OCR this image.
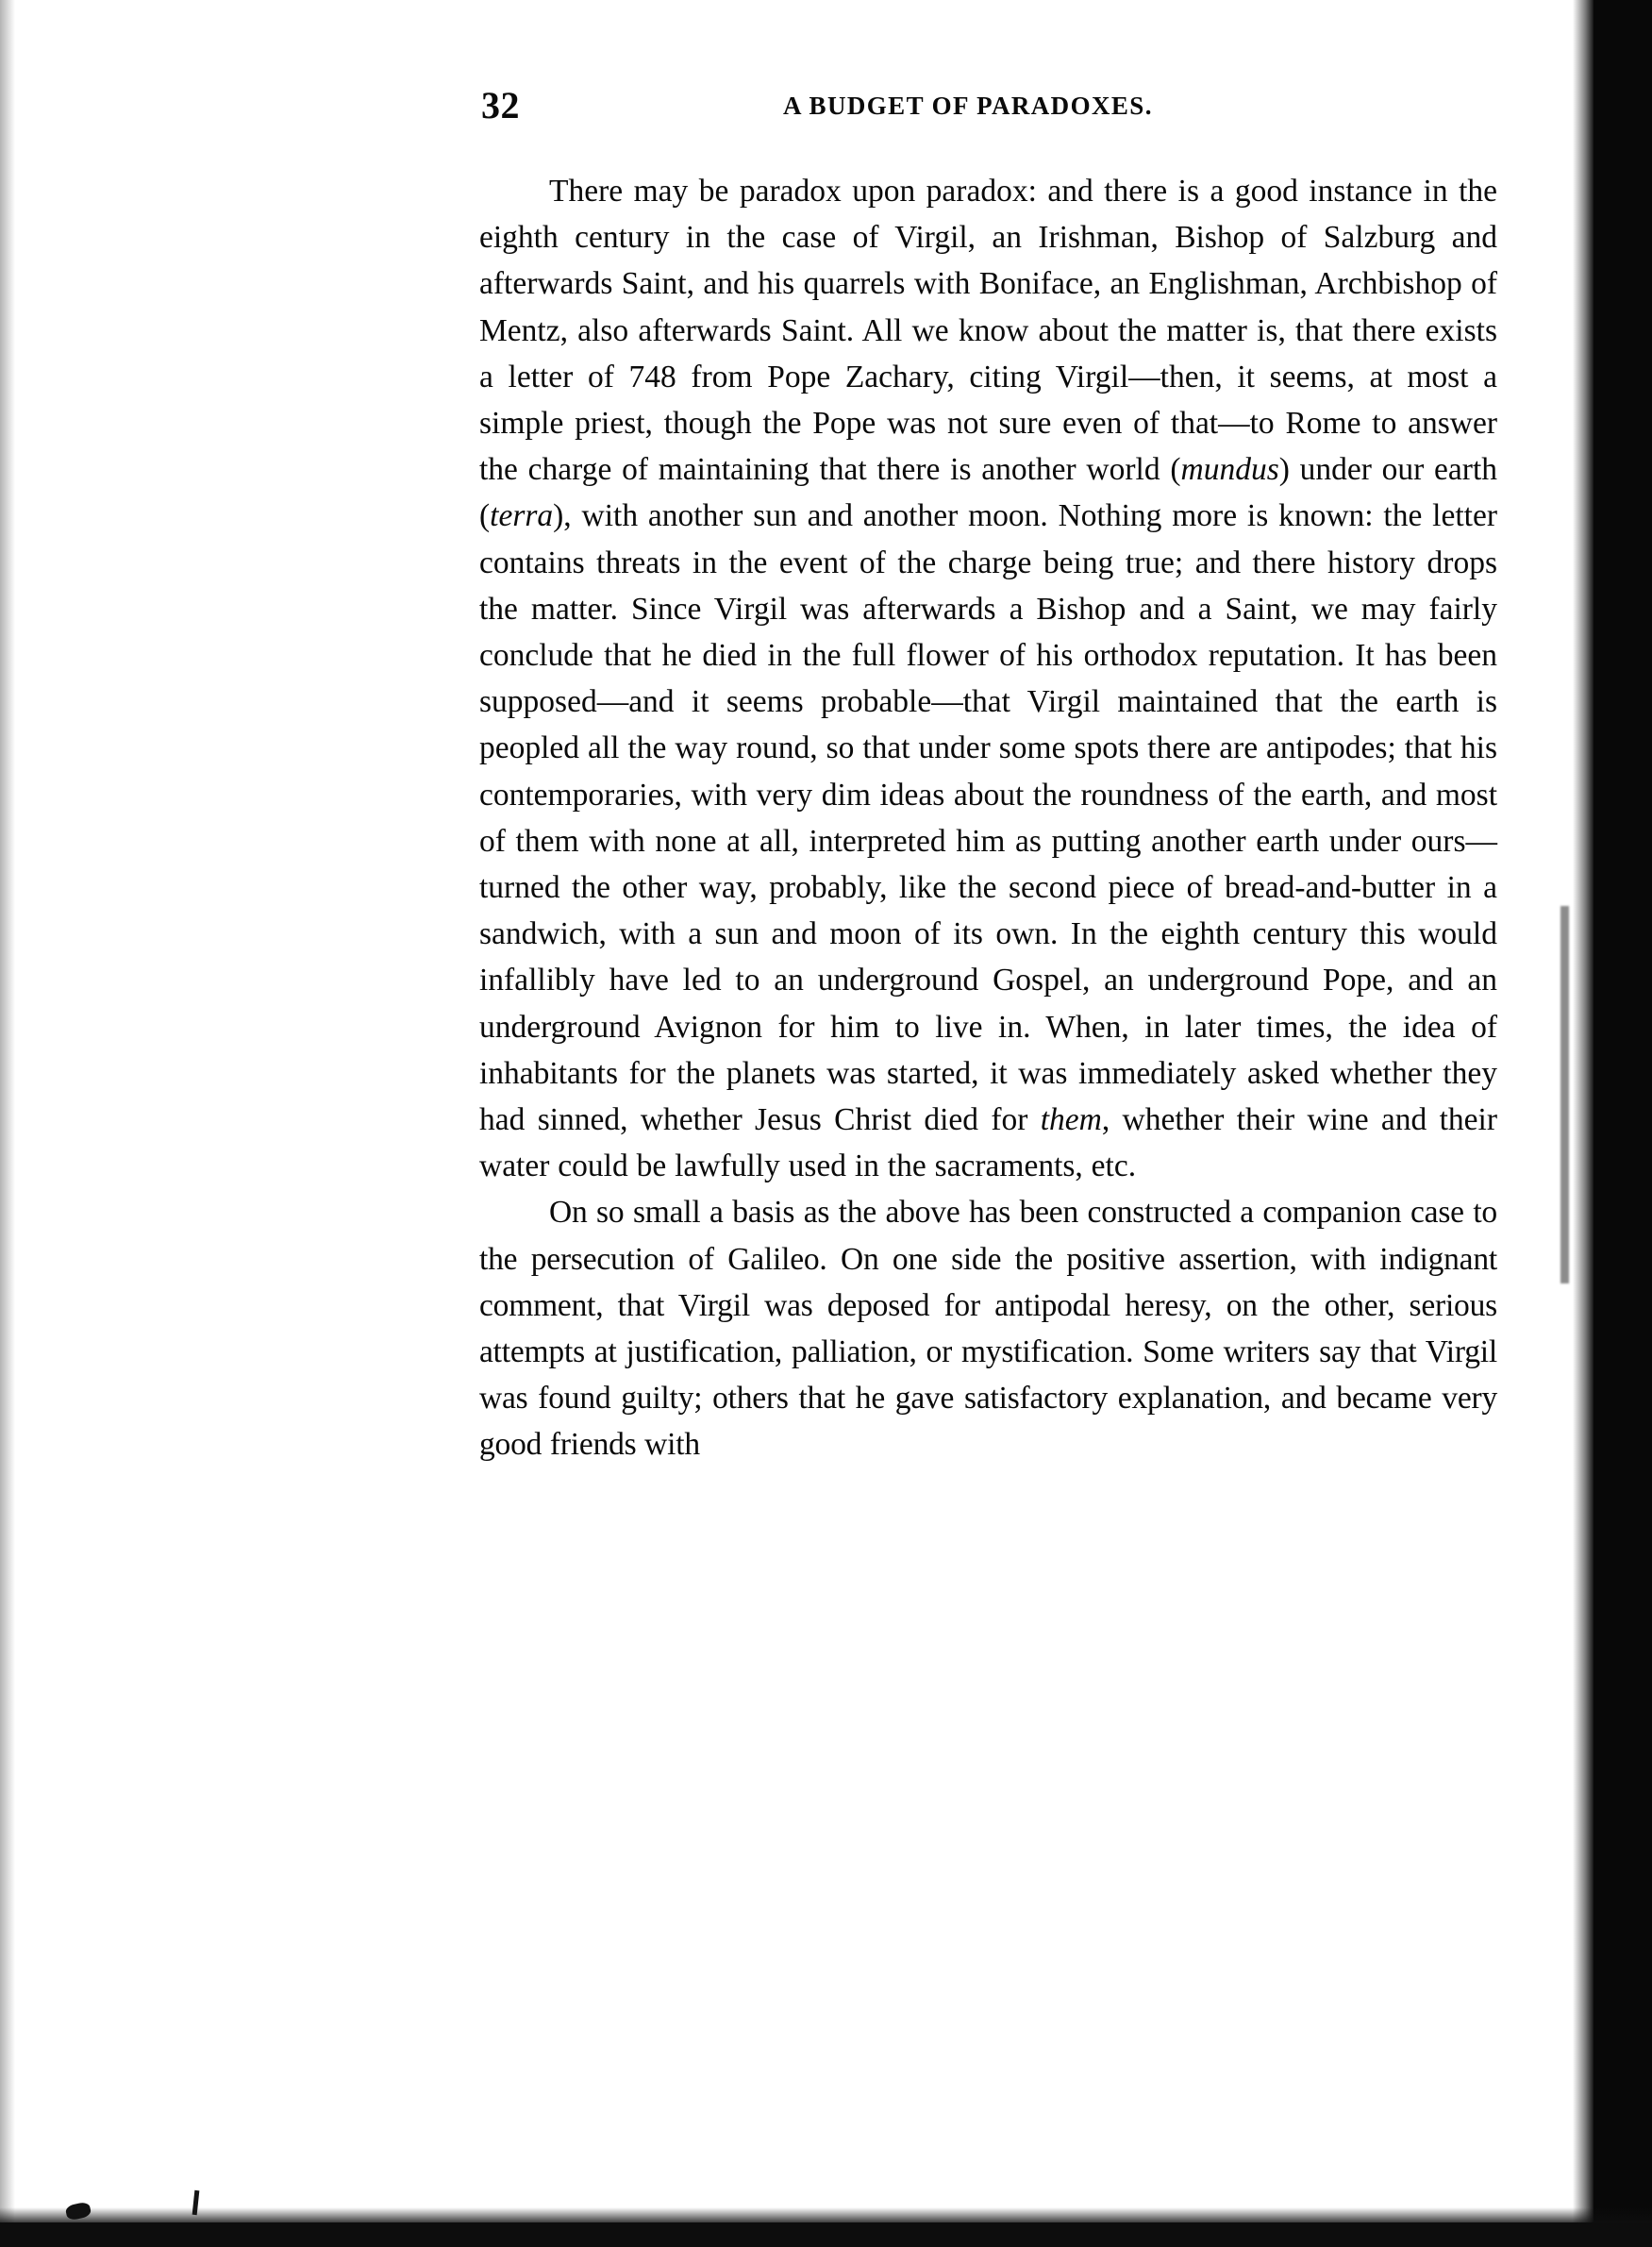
32	A BUDGET OF PARADOXES.

There may be paradox upon paradox: and there is a good instance in the eighth century in the case of Virgil, an Irishman, Bishop of Salzburg and afterwards Saint, and his quarrels with Boniface, an Englishman, Archbishop of Mentz, also afterwards Saint. All we know about the matter is, that there exists a letter of 748 from Pope Zachary, citing Virgil—then, it seems, at most a simple priest, though the Pope was not sure even of that—to Rome to answer the charge of maintaining that there is another world (mundus) under our earth (terra), with another sun and another moon. Nothing more is known: the letter contains threats in the event of the charge being true; and there history drops the matter. Since Virgil was afterwards a Bishop and a Saint, we may fairly conclude that he died in the full flower of his orthodox reputation. It has been supposed—and it seems probable—that Virgil maintained that the earth is peopled all the way round, so that under some spots there are antipodes; that his contemporaries, with very dim ideas about the roundness of the earth, and most of them with none at all, interpreted him as putting another earth under ours—turned the other way, probably, like the second piece of bread-and-butter in a sandwich, with a sun and moon of its own. In the eighth century this would infallibly have led to an underground Gospel, an underground Pope, and an underground Avignon for him to live in. When, in later times, the idea of inhabitants for the planets was started, it was immediately asked whether they had sinned, whether Jesus Christ died for them, whether their wine and their water could be lawfully used in the sacraments, etc.

On so small a basis as the above has been constructed a companion case to the persecution of Galileo. On one side the positive assertion, with indignant comment, that Virgil was deposed for antipodal heresy, on the other, serious attempts at justification, palliation, or mystification. Some writers say that Virgil was found guilty; others that he gave satisfactory explanation, and became very good friends with
